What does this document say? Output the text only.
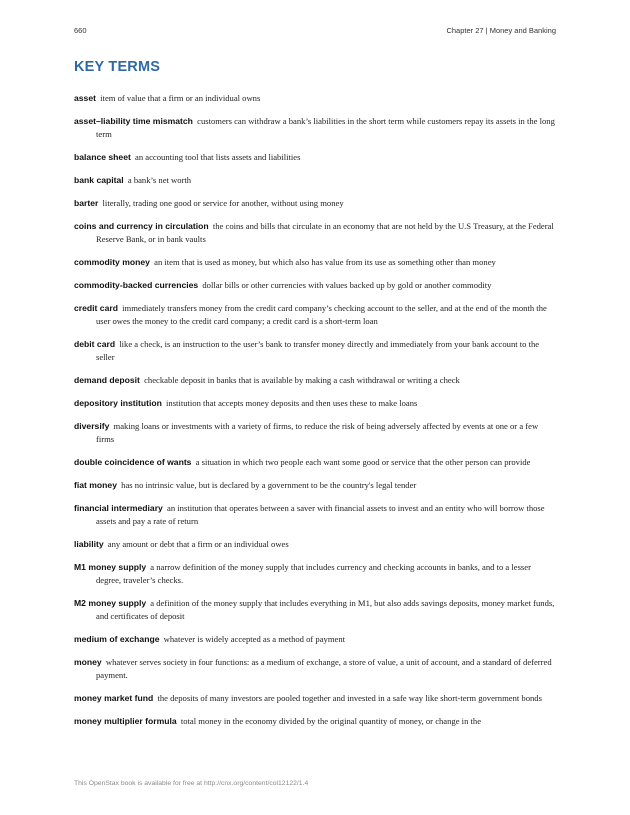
660	Chapter 27 | Money and Banking
KEY TERMS

asset item of value that a firm or an individual owns

asset–liability time mismatch customers can withdraw a bank’s liabilities in the short term while customers repay its assets in the long term

balance sheet an accounting tool that lists assets and liabilities

bank capital a bank’s net worth

barter literally, trading one good or service for another, without using money

coins and currency in circulation the coins and bills that circulate in an economy that are not held by the U.S Treasury, at the Federal Reserve Bank, or in bank vaults

commodity money an item that is used as money, but which also has value from its use as something other than money

commodity-backed currencies dollar bills or other currencies with values backed up by gold or another commodity

credit card immediately transfers money from the credit card company’s checking account to the seller, and at the end of the month the user owes the money to the credit card company; a credit card is a short-term loan

debit card like a check, is an instruction to the user’s bank to transfer money directly and immediately from your bank account to the seller

demand deposit checkable deposit in banks that is available by making a cash withdrawal or writing a check

depository institution institution that accepts money deposits and then uses these to make loans

diversify making loans or investments with a variety of firms, to reduce the risk of being adversely affected by events at one or a few firms

double coincidence of wants a situation in which two people each want some good or service that the other person can provide

fiat money has no intrinsic value, but is declared by a government to be the country's legal tender

financial intermediary an institution that operates between a saver with financial assets to invest and an entity who will borrow those assets and pay a rate of return

liability any amount or debt that a firm or an individual owes

M1 money supply a narrow definition of the money supply that includes currency and checking accounts in banks, and to a lesser degree, traveler’s checks.

M2 money supply a definition of the money supply that includes everything in M1, but also adds savings deposits, money market funds, and certificates of deposit

medium of exchange whatever is widely accepted as a method of payment

money whatever serves society in four functions: as a medium of exchange, a store of value, a unit of account, and a standard of deferred payment.

money market fund the deposits of many investors are pooled together and invested in a safe way like short-term government bonds

money multiplier formula total money in the economy divided by the original quantity of money, or change in the

This OpenStax book is available for free at http://cnx.org/content/col12122/1.4
